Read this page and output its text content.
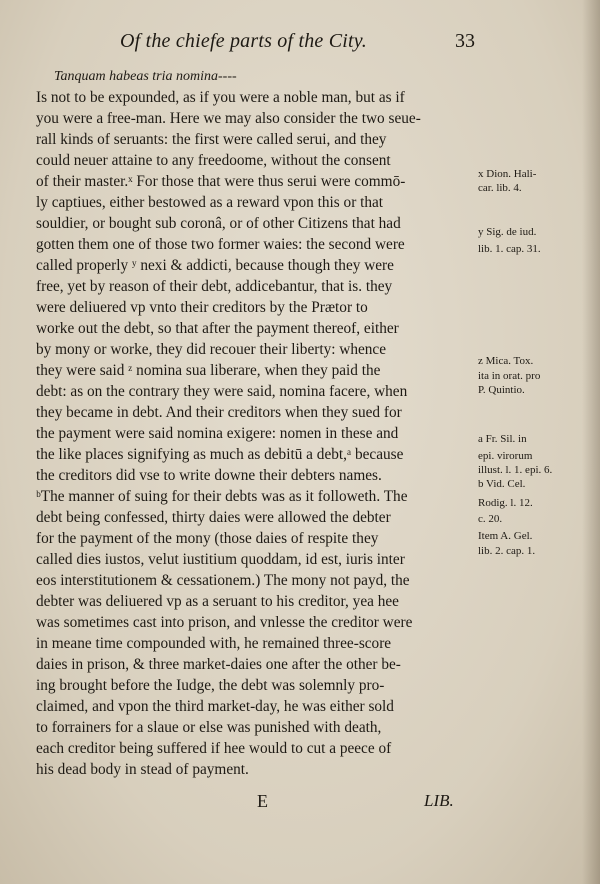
Of the chiefe parts of the City.	33
Tanquam habeas tria nomina----
Is not to be expounded, as if you were a noble man, but as if
you were a free-man. Here we may also consider the two seue-
rall kinds of seruants: the first were called serui, and they
could neuer attaine to any freedoome, without the consent
of their master.ˣ For those that were thus serui were commō-
ly captiues, either bestowed as a reward vpon this or that
souldier, or bought sub coronâ, or of other Citizens that had
gotten them one of those two former waies: the second were
called properly ʸ nexi & addicti, because though they were
free, yet by reason of their debt, addicebantur, that is. they
were deliuered vp vnto their creditors by the Prætor to
worke out the debt, so that after the payment thereof, either
by mony or worke, they did recouer their liberty: whence
they were said ᶻ nomina sua liberare, when they paid the
debt: as on the contrary they were said, nomina facere, when
they became in debt. And their creditors when they sued for
the payment were said nomina exigere: nomen in these and
the like places signifying as much as debitū a debt,ᵃ because
the creditors did vse to write downe their debters names.
ᵇThe manner of suing for their debts was as it followeth. The
debt being confessed, thirty daies were allowed the debter
for the payment of the mony (those daies of respite they
called dies iustos, velut iustitium quoddam, id est, iuris inter
eos interstitutionem & cessationem.) The mony not payd, the
debter was deliuered vp as a seruant to his creditor, yea hee
was sometimes cast into prison, and vnlesse the creditor were
in meane time compounded with, he remained three-score
daies in prison, & three market-daies one after the other be-
ing brought before the Iudge, the debt was solemnly pro-
claimed, and vpon the third market-day, he was either sold
to forrainers for a slaue or else was punished with death,
each creditor being suffered if hee would to cut a peece of
his dead body in stead of payment.
x Dion. Hali-
car. lib. 4.
y Sig. de iud.
lib. 1. cap. 31.
z Mica. Tox.
ita in orat. pro
P. Quintio.
a Fr. Sil. in
epi. virorum
illust. l. 1. epi. 6.
b Vid. Cel.
Rodig. l. 12.
c. 20.
Item A. Gel.
lib. 2. cap. 1.
E	LIB.
